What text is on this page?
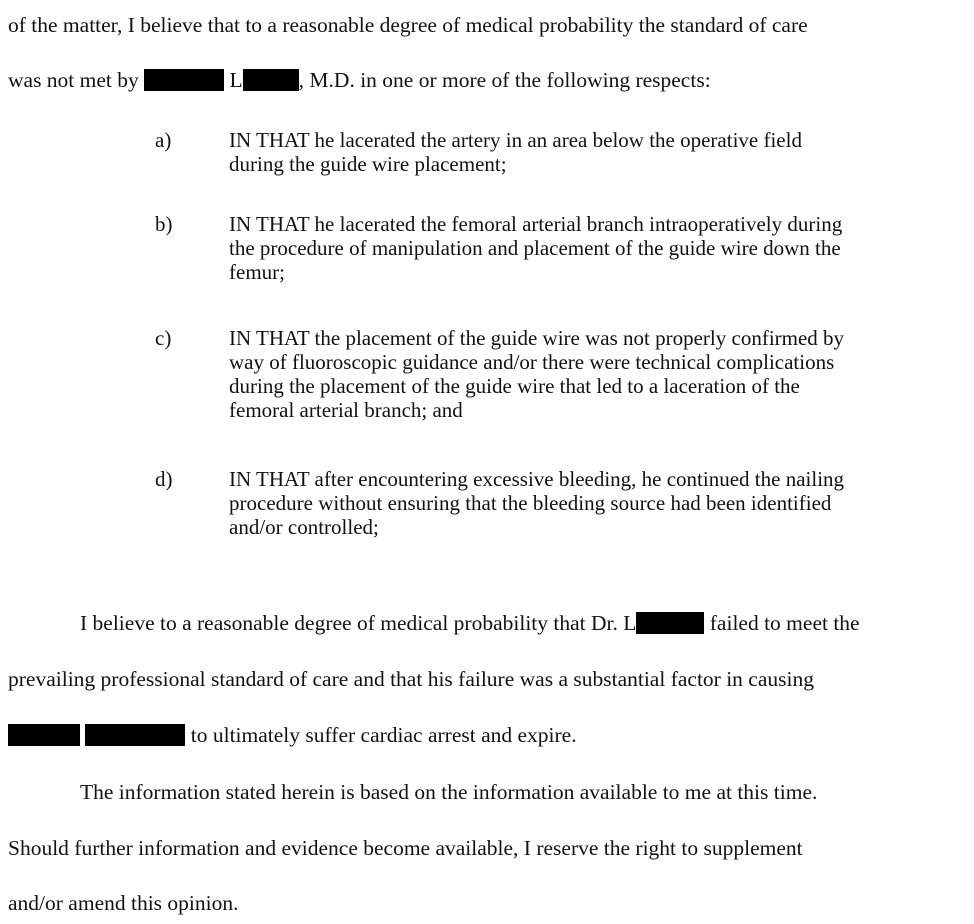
of the matter, I believe that to a reasonable degree of medical probability the standard of care
was not met by	L	, M.D. in one or more of the following respects:
a)	IN THAT he lacerated the artery in an area below the operative field
during the guide wire placement;
b)	IN THAT he lacerated the femoral arterial branch intraoperatively during
the procedure of manipulation and placement of the guide wire down the
femur;
c)	IN THAT the placement of the guide wire was not properly confirmed by
way of fluoroscopic guidance and/or there were technical complications
during the placement of the guide wire that led to a laceration of the
femoral arterial branch; and
d)	IN THAT after encountering excessive bleeding, he continued the nailing
procedure without ensuring that the bleeding source had been identified
and/or controlled;
I believe to a reasonable degree of medical probability that Dr. L	failed to meet the
prevailing professional standard of care and that his failure was a substantial factor in causing
to ultimately suffer cardiac arrest and expire.
The information stated herein is based on the information available to me at this time.
Should further information and evidence become available, I reserve the right to supplement
and/or amend this opinion.
